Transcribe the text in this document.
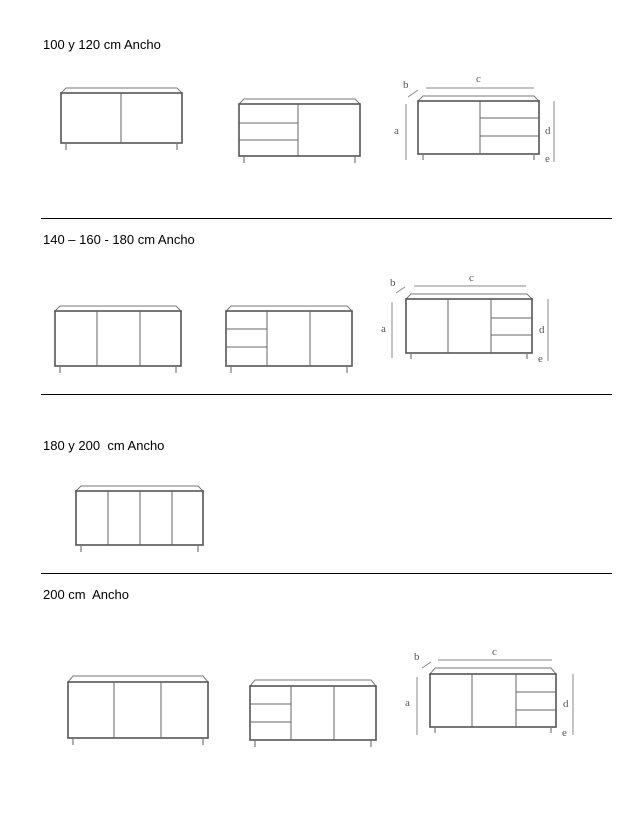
100 y 120 cm Ancho
b	c
a	d
e
140 – 160 - 180 cm Ancho
b	c
a	d
e
180 y 200  cm Ancho
200 cm  Ancho
b	c
a	d
e
